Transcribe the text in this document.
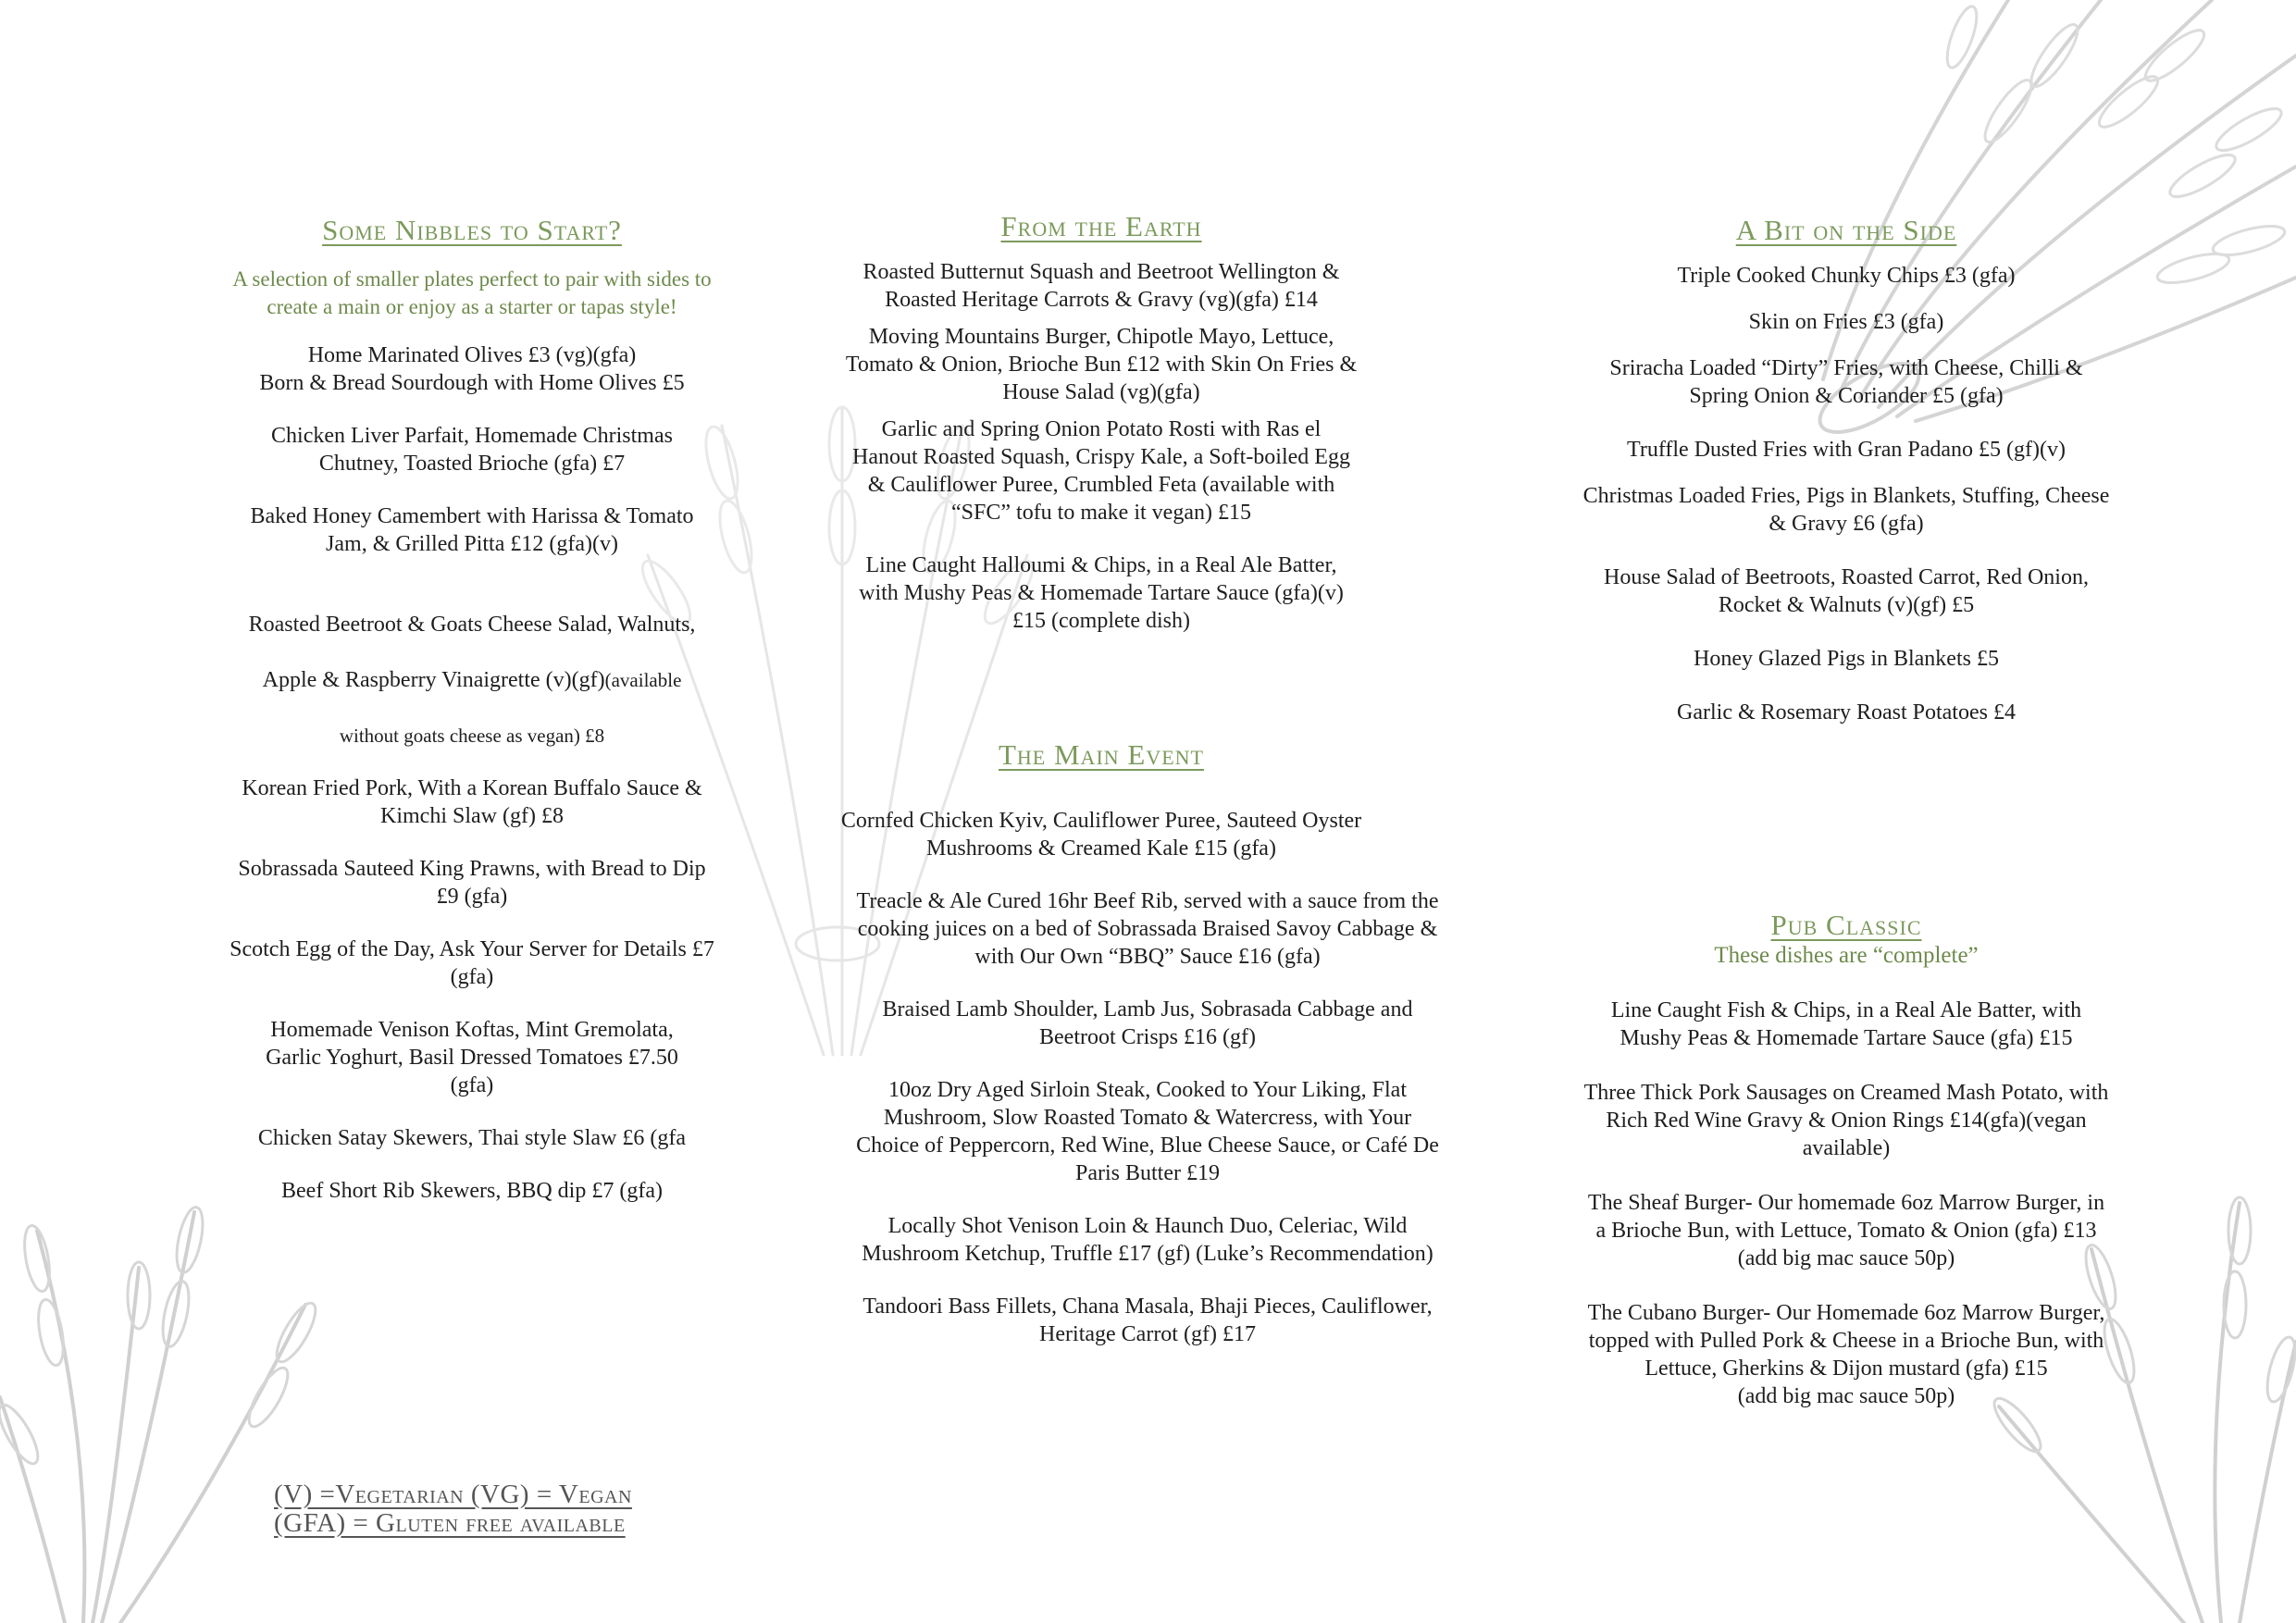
Some Nibbles to Start?
A selection of smaller plates perfect to pair with sides to
create a main or enjoy as a starter or tapas style!
Home Marinated Olives £3 (vg)(gfa)
Born & Bread Sourdough with Home Olives £5
Chicken Liver Parfait, Homemade Christmas
Chutney, Toasted Brioche (gfa) £7
Baked Honey Camembert with Harissa & Tomato
Jam, & Grilled Pitta £12 (gfa)(v)

Roasted Beetroot & Goats Cheese Salad, Walnuts,

Apple & Raspberry Vinaigrette (v)(gf)(available

without goats cheese as vegan) £8

Korean Fried Pork, With a Korean Buffalo Sauce &
Kimchi Slaw (gf) £8
Sobrassada Sauteed King Prawns, with Bread to Dip
£9 (gfa)
Scotch Egg of the Day, Ask Your Server for Details £7
(gfa)
Homemade Venison Koftas, Mint Gremolata,
Garlic Yoghurt, Basil Dressed Tomatoes £7.50
(gfa)
Chicken Satay Skewers, Thai style Slaw £6 (gfa
Beef Short Rib Skewers, BBQ dip £7 (gfa)
From the Earth
Roasted Butternut Squash and Beetroot Wellington &
Roasted Heritage Carrots & Gravy (vg)(gfa) £14
Moving Mountains Burger, Chipotle Mayo, Lettuce,
Tomato & Onion, Brioche Bun £12 with Skin On Fries &
House Salad (vg)(gfa)
Garlic and Spring Onion Potato Rosti with Ras el
Hanout Roasted Squash, Crispy Kale, a Soft-boiled Egg
& Cauliflower Puree, Crumbled Feta (available with
“SFC” tofu to make it vegan) £15
Line Caught Halloumi & Chips, in a Real Ale Batter,
with Mushy Peas & Homemade Tartare Sauce (gfa)(v)
£15 (complete dish)
The Main Event
Cornfed Chicken Kyiv, Cauliflower Puree, Sauteed Oyster
Mushrooms & Creamed Kale £15 (gfa)
Treacle & Ale Cured 16hr Beef Rib, served with a sauce from the
cooking juices on a bed of Sobrassada Braised Savoy Cabbage &
with Our Own “BBQ” Sauce £16 (gfa)
Braised Lamb Shoulder, Lamb Jus, Sobrasada Cabbage and
Beetroot Crisps £16 (gf)
10oz Dry Aged Sirloin Steak, Cooked to Your Liking, Flat
Mushroom, Slow Roasted Tomato & Watercress, with Your
Choice of Peppercorn, Red Wine, Blue Cheese Sauce, or Café De
Paris Butter £19
Locally Shot Venison Loin & Haunch Duo, Celeriac, Wild
Mushroom Ketchup, Truffle £17 (gf) (Luke’s Recommendation)
Tandoori Bass Fillets, Chana Masala, Bhaji Pieces, Cauliflower,
Heritage Carrot (gf) £17
A Bit on the Side
Triple Cooked Chunky Chips £3 (gfa)
Skin on Fries £3 (gfa)
Sriracha Loaded “Dirty” Fries, with Cheese, Chilli &
Spring Onion & Coriander £5 (gfa)
Truffle Dusted Fries with Gran Padano £5 (gf)(v)
Christmas Loaded Fries, Pigs in Blankets, Stuffing, Cheese
& Gravy £6 (gfa)
House Salad of Beetroots, Roasted Carrot, Red Onion,
Rocket & Walnuts (v)(gf) £5
Honey Glazed Pigs in Blankets £5
Garlic & Rosemary Roast Potatoes £4
Pub Classic
These dishes are “complete”
Line Caught Fish & Chips, in a Real Ale Batter, with
Mushy Peas & Homemade Tartare Sauce (gfa) £15
Three Thick Pork Sausages on Creamed Mash Potato, with
Rich Red Wine Gravy & Onion Rings £14(gfa)(vegan
available)
The Sheaf Burger- Our homemade 6oz Marrow Burger, in
a Brioche Bun, with Lettuce, Tomato & Onion (gfa) £13
(add big mac sauce 50p)
The Cubano Burger- Our Homemade 6oz Marrow Burger,
topped with Pulled Pork & Cheese in a Brioche Bun, with
Lettuce, Gherkins & Dijon mustard (gfa) £15
(add big mac sauce 50p)
(V) =Vegetarian (VG) = Vegan
(GFA) = Gluten free available
